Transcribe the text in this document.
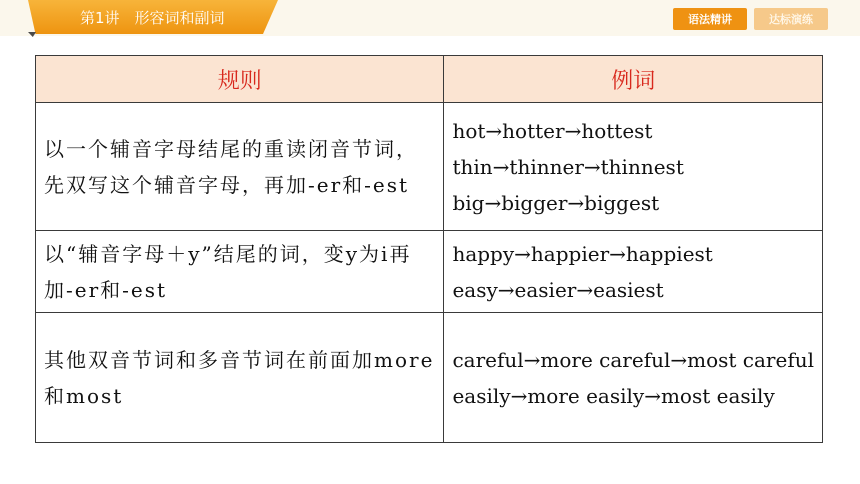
第1讲　形容词和副词	语法精讲	达标演练
规则	例词
以一个辅音字母结尾的重读闭音节词，先双写这个辅音字母，再加-er和-est	hot→hotter→hottest
thin→thinner→thinnest
big→bigger→biggest

以“辅音字母＋y”结尾的词，变y为i再加-er和-est	happy→happier→happiest
easy→easier→easiest

其他双音节词和多音节词在前面加more和most	careful→more careful→most careful
easily→more easily→most easily
